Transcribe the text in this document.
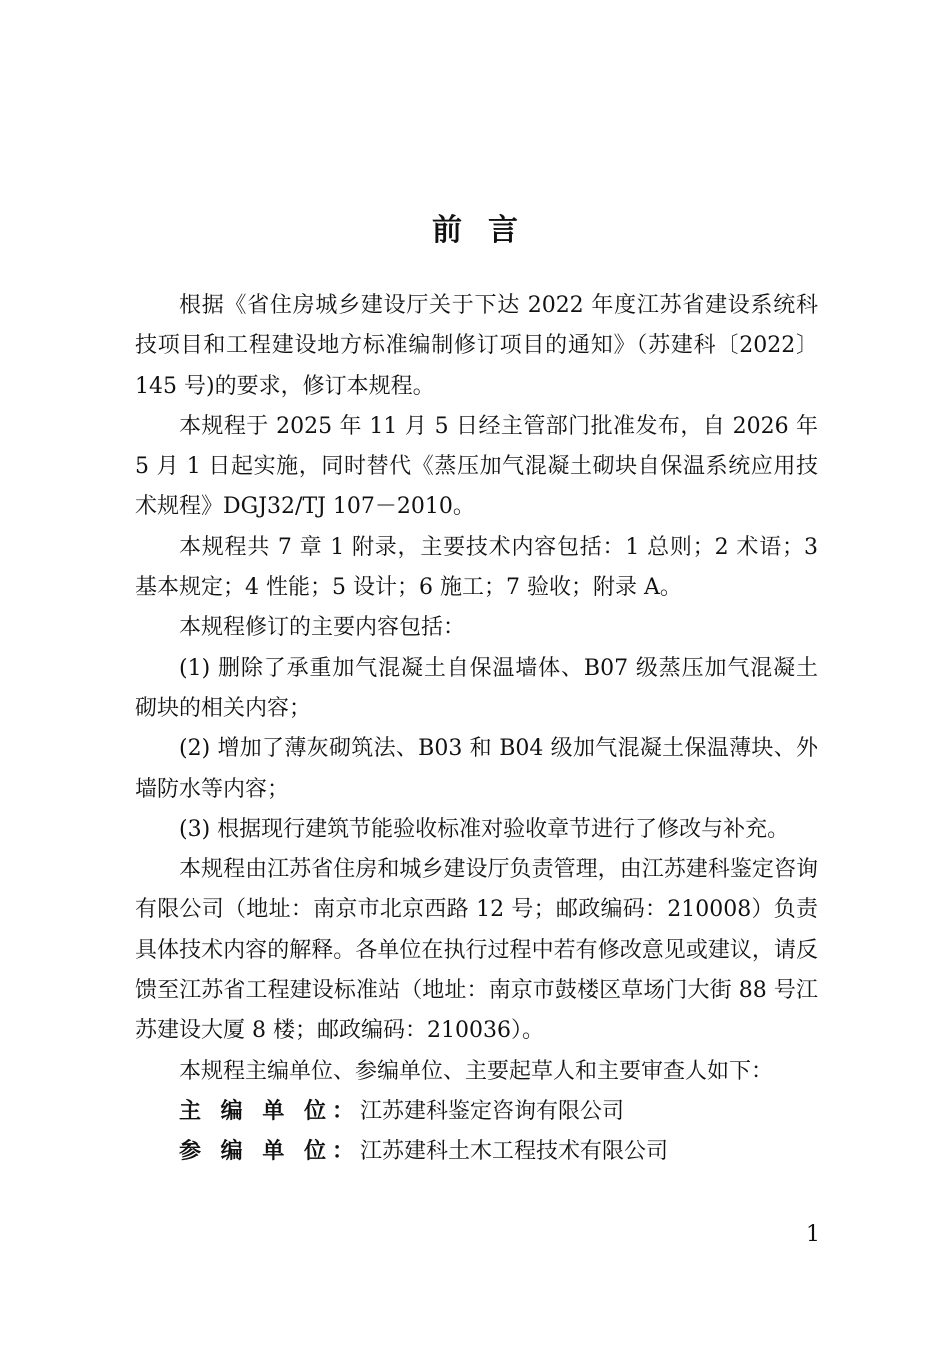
前言

根据《省住房城乡建设厅关于下达 2022 年度江苏省建设系统科技项目和工程建设地方标准编制修订项目的通知》（苏建科〔2022〕145 号)的要求，修订本规程。

本规程于 2025 年 11 月 5 日经主管部门批准发布，自 2026 年 5 月 1 日起实施，同时替代《蒸压加气混凝土砌块自保温系统应用技术规程》DGJ32/TJ 107－2010。

本规程共 7 章 1 附录，主要技术内容包括：1 总则；2 术语；3 基本规定；4 性能；5 设计；6 施工；7 验收；附录 A。

本规程修订的主要内容包括：

(1) 删除了承重加气混凝土自保温墙体、B07 级蒸压加气混凝土砌块的相关内容；

(2) 增加了薄灰砌筑法、B03 和 B04 级加气混凝土保温薄块、外墙防水等内容；

(3) 根据现行建筑节能验收标准对验收章节进行了修改与补充。

本规程由江苏省住房和城乡建设厅负责管理，由江苏建科鉴定咨询有限公司（地址：南京市北京西路 12 号；邮政编码：210008）负责具体技术内容的解释。各单位在执行过程中若有修改意见或建议，请反馈至江苏省工程建设标准站（地址：南京市鼓楼区草场门大街 88 号江苏建设大厦 8 楼；邮政编码：210036）。

本规程主编单位、参编单位、主要起草人和主要审查人如下：

主 编 单 位：江苏建科鉴定咨询有限公司

参 编 单 位：江苏建科土木工程技术有限公司

1
